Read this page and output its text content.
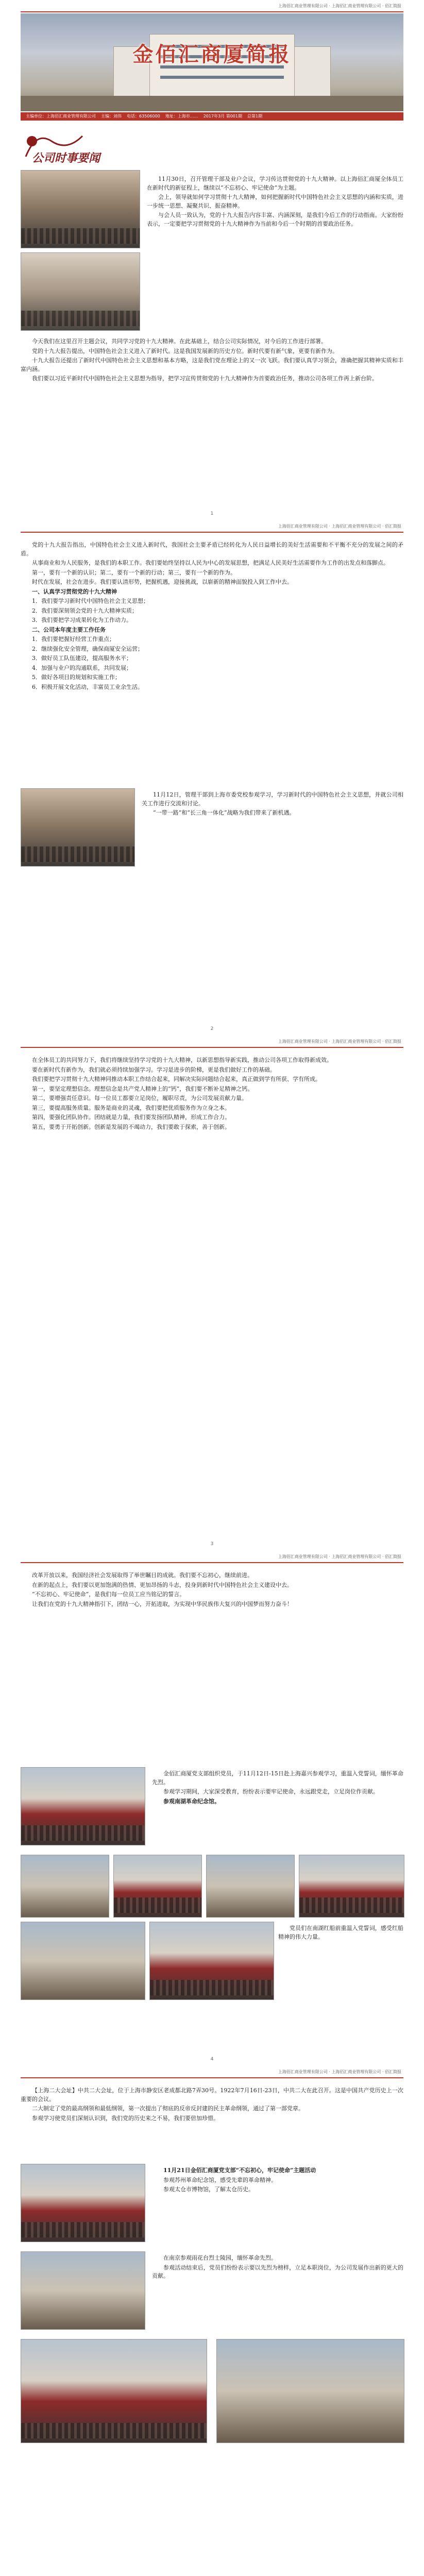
上海佰汇商业管理有限公司 · 上海佰汇商业管理有限公司 · 佰汇简报
金佰汇商厦简报
主编单位：上海佰汇商业管理有限公司 主编：刘伟 电话：63506000 地址：上海市…… 2017年3月 第001期 总第1期
公司时事要闻

11月30日，召开管理干部及业户会议，学习传达贯彻党的十九大精神。以上海佰汇商厦全体员工在新时代的新征程上，继续以“不忘初心、牢记使命”为主题。

会上，领导就如何学习贯彻十九大精神，如何把握新时代中国特色社会主义思想的内涵和实质，进一步统一思想、凝聚共识、振奋精神。

与会人员一致认为，党的十九大报告内容丰富、内涵深刻，是我们今后工作的行动指南。大家纷纷表示，一定要把学习贯彻党的十九大精神作为当前和今后一个时期的首要政治任务。

今天我们在这里召开主题会议，共同学习党的十九大精神。在此基础上，结合公司实际情况，对今后的工作进行部署。

党的十九大报告提出，中国特色社会主义进入了新时代。这是我国发展新的历史方位。新时代要有新气象，更要有新作为。

十九大报告还提出了新时代中国特色社会主义思想和基本方略，这是我们党在理论上的又一次飞跃。我们要认真学习领会，准确把握其精神实质和丰富内涵。

我们要以习近平新时代中国特色社会主义思想为指导，把学习宣传贯彻党的十九大精神作为首要政治任务，推动公司各项工作再上新台阶。

1
上海佰汇商业管理有限公司 · 上海佰汇商业管理有限公司 · 佰汇简报

党的十九大报告指出，中国特色社会主义进入新时代，我国社会主要矛盾已经转化为人民日益增长的美好生活需要和不平衡不充分的发展之间的矛盾。

从事商业和为人民服务，是我们的本职工作。我们要始终坚持以人民为中心的发展思想，把满足人民美好生活需要作为工作的出发点和落脚点。

第一，要有一个新的认识；第二，要有一个新的行动；第三，要有一个新的作为。

时代在发展，社会在进步。我们要认清形势，把握机遇，迎接挑战，以崭新的精神面貌投入到工作中去。

一、认真学习贯彻党的十九大精神

1．我们要学习新时代中国特色社会主义思想；

2．我们要深刻领会党的十九大精神实质；

3．我们要把学习成果转化为工作动力。

二、公司本年度主要工作任务

1．我们要把握好经营工作重点；

2．继续强化安全管理，确保商厦安全运营；

3．做好员工队伍建设，提高服务水平；

4．加强与业户的沟通联系，共同发展；

5．做好各项目的规划和实施工作；

6．积极开展文化活动，丰富员工业余生活。

11月12日，管理干部到上海市委党校参观学习，学习新时代的中国特色社会主义思想，并就公司相关工作进行交流和讨论。

“一带一路”和“长三角一体化”战略为我们带来了新机遇。

2
上海佰汇商业管理有限公司 · 上海佰汇商业管理有限公司 · 佰汇简报

在全体员工的共同努力下，我们将继续坚持学习党的十九大精神，以新思想指导新实践，推动公司各项工作取得新成效。

要在新时代有新作为，我们就必须持续加强学习。学习是进步的阶梯，更是我们做好工作的基础。

我们要把学习贯彻十九大精神同推动本职工作结合起来，同解决实际问题结合起来，真正做到学有所获、学有所成。

第一，要坚定理想信念。理想信念是共产党人精神上的“钙”，我们要不断补足精神之钙。

第二，要增强责任意识。每一位员工都要立足岗位，履职尽责，为公司发展贡献力量。

第三，要提高服务质量。服务是商业的灵魂，我们要把优质服务作为立身之本。

第四，要强化团队协作。团结就是力量，我们要发扬团队精神，形成工作合力。

第五，要勇于开拓创新。创新是发展的不竭动力，我们要敢于探索，善于创新。

3
上海佰汇商业管理有限公司 · 上海佰汇商业管理有限公司 · 佰汇简报

改革开放以来，我国经济社会发展取得了举世瞩目的成就。我们要不忘初心，继续前进。

在新的起点上，我们要以更加饱满的热情、更加昂扬的斗志，投身到新时代中国特色社会主义建设中去。

“不忘初心、牢记使命”，是我们每一位员工应当铭记的誓言。

让我们在党的十九大精神指引下，团结一心，开拓进取，为实现中华民族伟大复兴的中国梦而努力奋斗！

金佰汇商厦党支部组织党员，于11月12日-15日赴上海嘉兴参观学习，重温入党誓词，缅怀革命先烈。

参观学习期间，大家深受教育，纷纷表示要牢记使命，永远跟党走，立足岗位作贡献。

参观南湖革命纪念馆。

党员们在南湖红船前重温入党誓词，感受红船精神的伟大力量。

4
上海佰汇商业管理有限公司 · 上海佰汇商业管理有限公司 · 佰汇简报

【上海二大会址】中共二大会址，位于上海市静安区老成都北路7弄30号。1922年7月16日-23日，中共二大在此召开。这是中国共产党历史上一次重要的会议。

二大制定了党的最高纲领和最低纲领，第一次提出了彻底的反帝反封建的民主革命纲领，通过了第一部党章。

参观学习使党员们深刻认识到，我们党的历史来之不易，我们要倍加珍惜。

11月21日金佰汇商厦党支部“不忘初心，牢记使命”主题活动

参观苏州革命纪念馆，感受先辈的革命精神。

参观太仓市博物馆，了解太仓历史。

在南京参观雨花台烈士陵园，缅怀革命先烈。

参观活动结束后，党员们纷纷表示要以先烈为榜样，立足本职岗位，为公司发展作出新的更大的贡献。
